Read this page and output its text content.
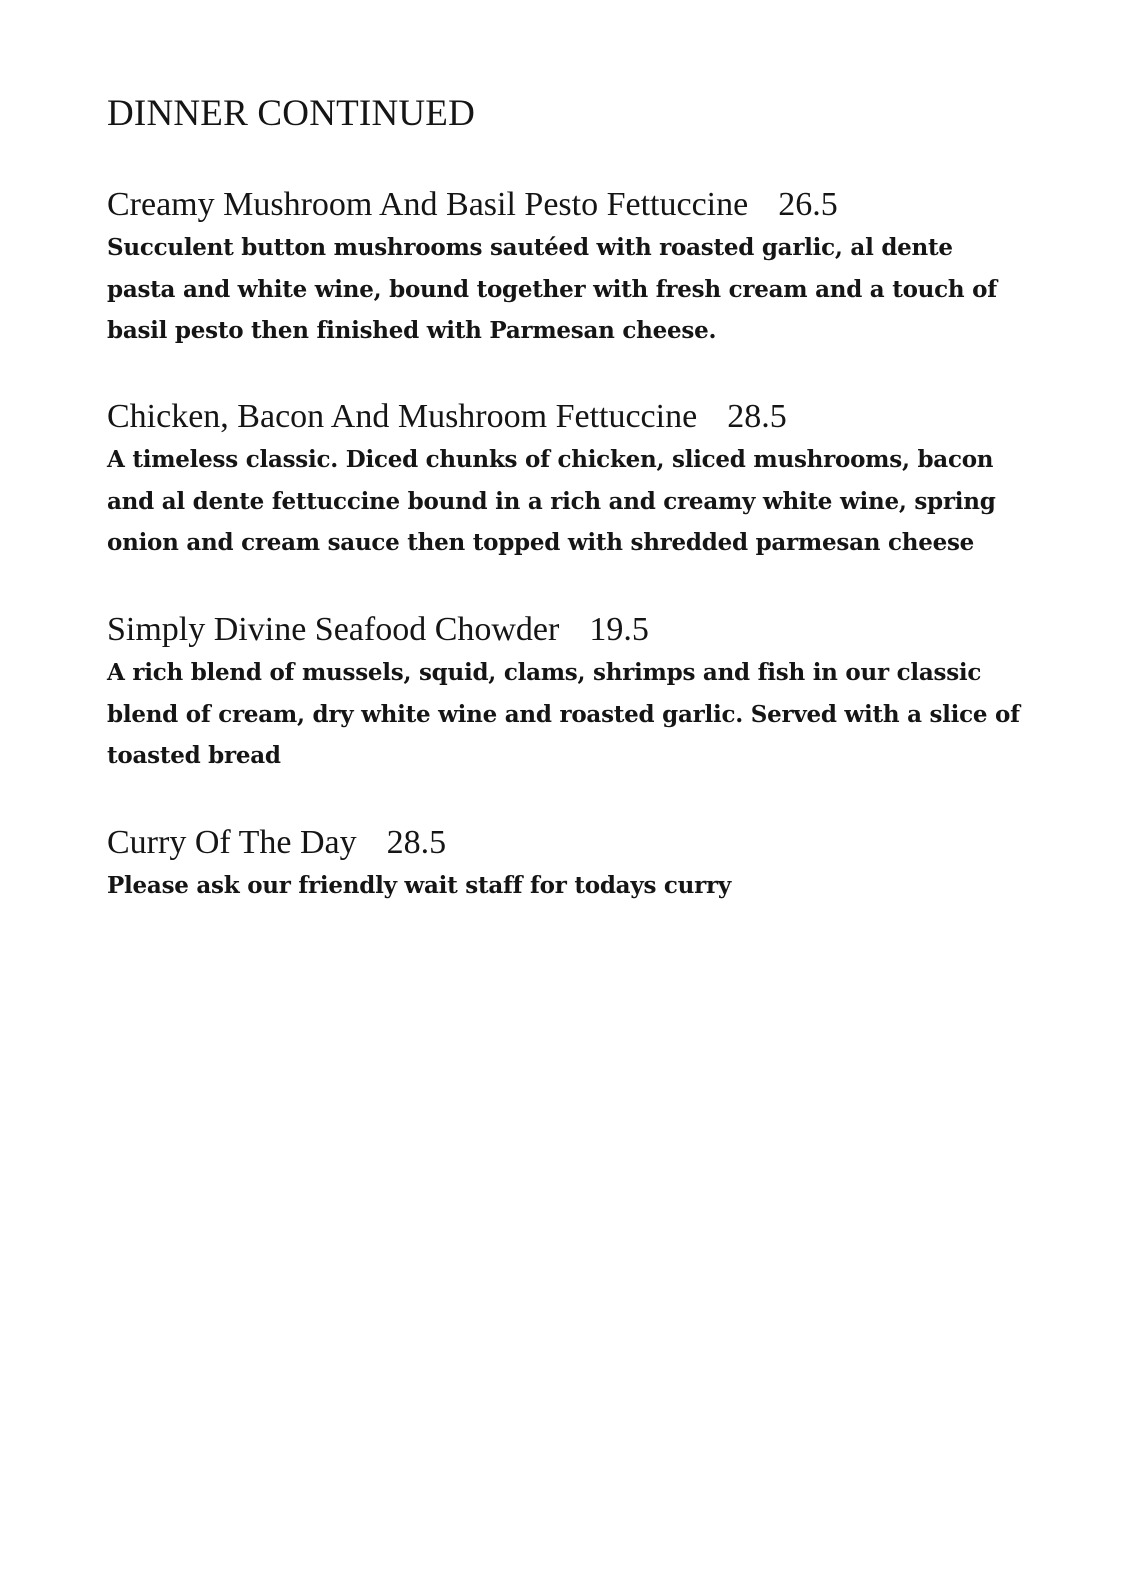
DINNER CONTINUED
Creamy Mushroom And Basil Pesto Fettuccine 26.5

Succulent button mushrooms sautéed with roasted garlic, al dente pasta and white wine, bound together with fresh cream and a touch of basil pesto then finished with Parmesan cheese.

Chicken, Bacon And Mushroom Fettuccine 28.5

A timeless classic. Diced chunks of chicken, sliced mushrooms, bacon and al dente fettuccine bound in a rich and creamy white wine, spring onion and cream sauce then topped with shredded parmesan cheese

Simply Divine Seafood Chowder 19.5

A rich blend of mussels, squid, clams, shrimps and fish in our classic blend of cream, dry white wine and roasted garlic. Served with a slice of toasted bread

Curry Of The Day 28.5

Please ask our friendly wait staff for todays curry
